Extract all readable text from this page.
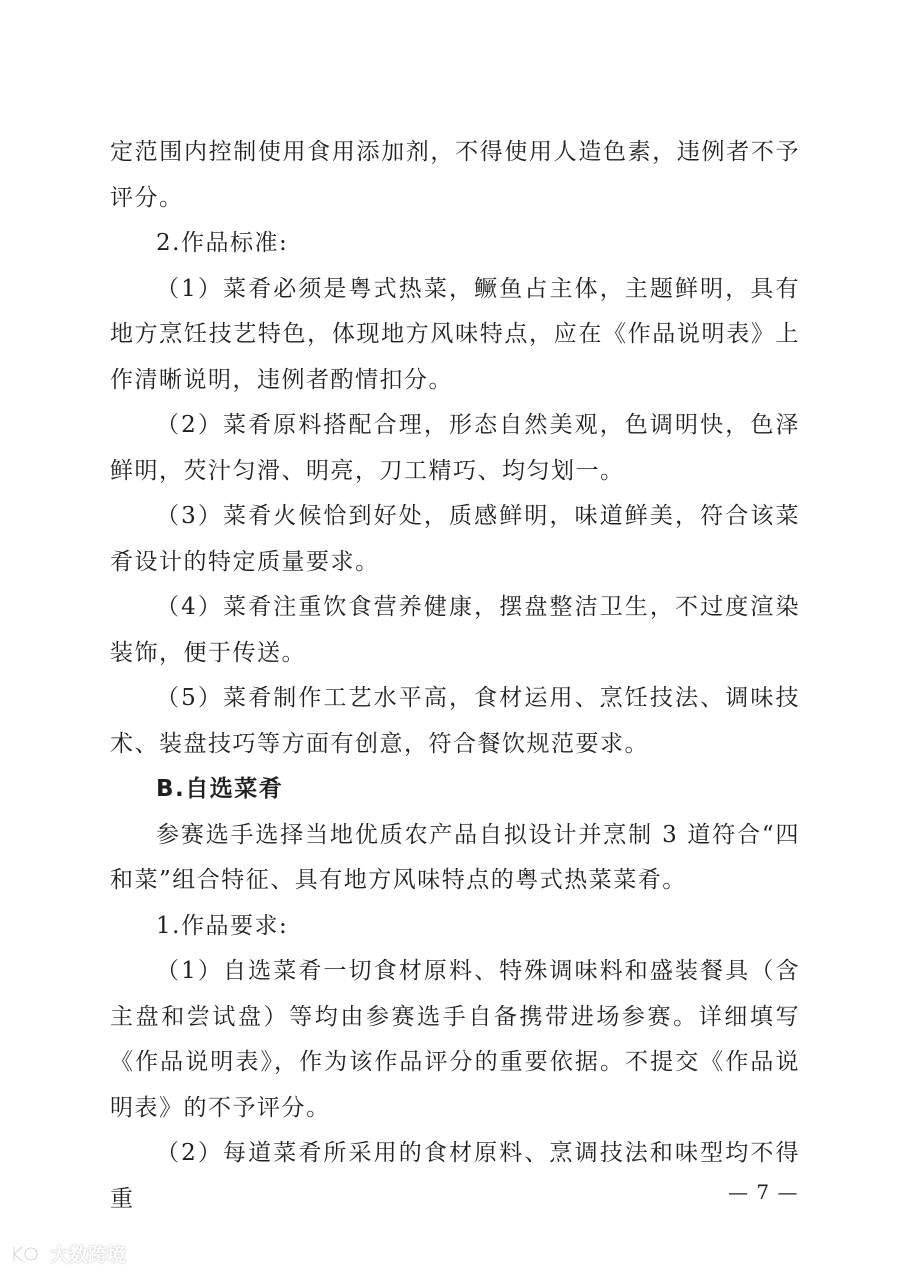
定范围内控制使用食用添加剂，不得使用人造色素，违例者不予评分。

2.作品标准:

（1）菜肴必须是粤式热菜，鳜鱼占主体，主题鲜明，具有地方烹饪技艺特色，体现地方风味特点，应在《作品说明表》上作清晰说明，违例者酌情扣分。

（2）菜肴原料搭配合理，形态自然美观，色调明快，色泽鲜明，芡汁匀滑、明亮，刀工精巧、均匀划一。

（3）菜肴火候恰到好处，质感鲜明，味道鲜美，符合该菜肴设计的特定质量要求。

（4）菜肴注重饮食营养健康，摆盘整洁卫生，不过度渲染装饰，便于传送。

（5）菜肴制作工艺水平高，食材运用、烹饪技法、调味技术、装盘技巧等方面有创意，符合餐饮规范要求。

B.自选菜肴

参赛选手选择当地优质农产品自拟设计并烹制 3 道符合“四和菜”组合特征、具有地方风味特点的粤式热菜菜肴。

1.作品要求:

（1）自选菜肴一切食材原料、特殊调味料和盛装餐具（含主盘和尝试盘）等均由参赛选手自备携带进场参赛。详细填写《作品说明表》，作为该作品评分的重要依据。不提交《作品说明表》的不予评分。

（2）每道菜肴所采用的食材原料、烹调技法和味型均不得重	— 7 —
大数跨境
